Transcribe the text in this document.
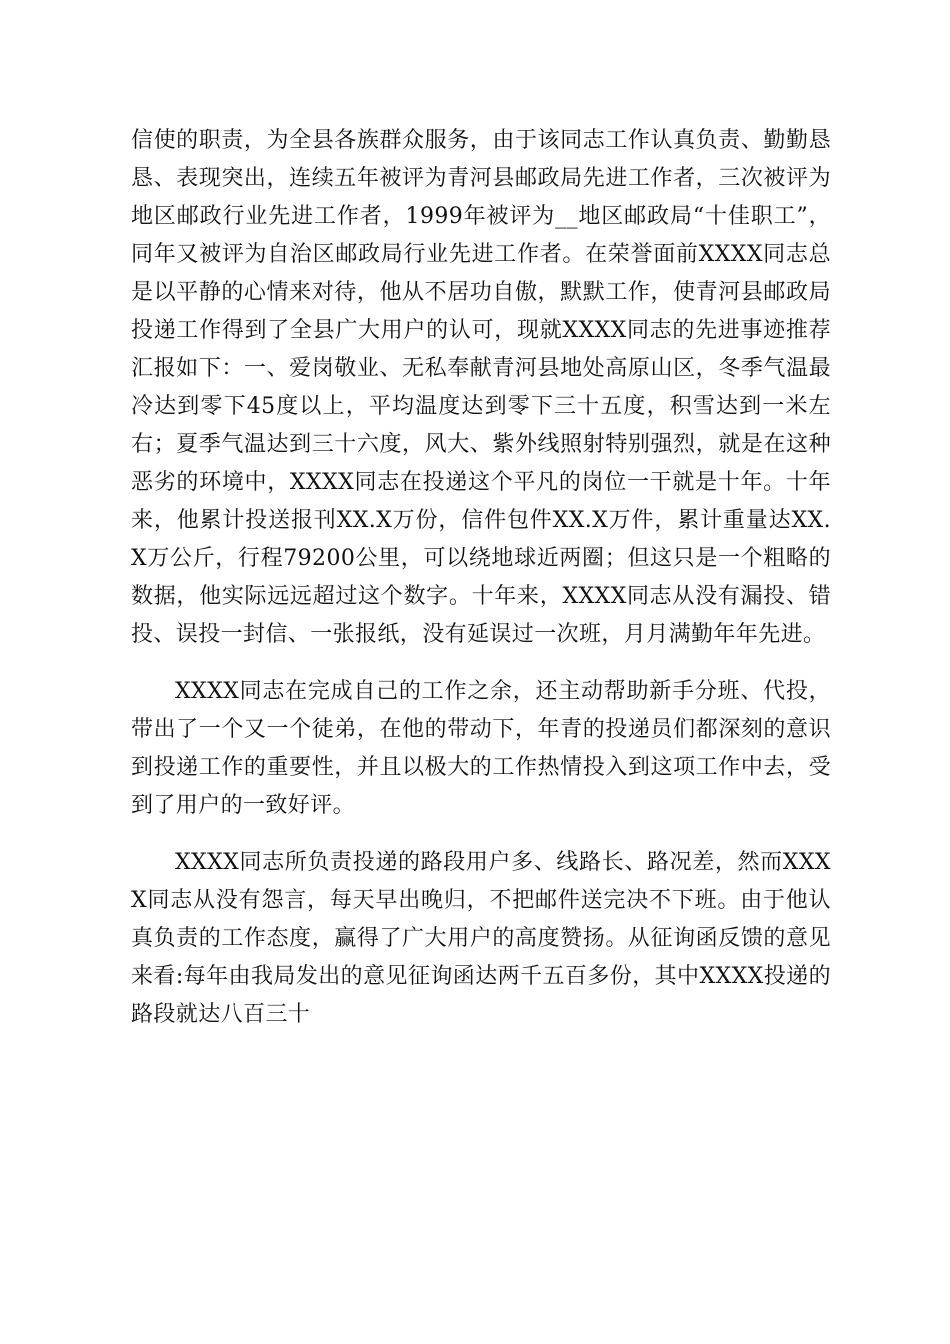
信使的职责，为全县各族群众服务，由于该同志工作认真负责、勤勤恳恳、表现突出，连续五年被评为青河县邮政局先进工作者，三次被评为地区邮政行业先进工作者，1999年被评为__地区邮政局“十佳职工”，同年又被评为自治区邮政局行业先进工作者。在荣誉面前XXXX同志总是以平静的心情来对待，他从不居功自傲，默默工作，使青河县邮政局投递工作得到了全县广大用户的认可，现就XXXX同志的先进事迹推荐汇报如下：一、爱岗敬业、无私奉献青河县地处高原山区，冬季气温最冷达到零下45度以上，平均温度达到零下三十五度，积雪达到一米左右；夏季气温达到三十六度，风大、紫外线照射特别强烈，就是在这种恶劣的环境中，XXXX同志在投递这个平凡的岗位一干就是十年。十年来，他累计投送报刊XX.X万份，信件包件XX.X万件，累计重量达XX.X万公斤，行程79200公里，可以绕地球近两圈；但这只是一个粗略的数据，他实际远远超过这个数字。十年来，XXXX同志从没有漏投、错投、误投一封信、一张报纸，没有延误过一次班，月月满勤年年先进。

XXXX同志在完成自己的工作之余，还主动帮助新手分班、代投，带出了一个又一个徒弟，在他的带动下，年青的投递员们都深刻的意识到投递工作的重要性，并且以极大的工作热情投入到这项工作中去，受到了用户的一致好评。

XXXX同志所负责投递的路段用户多、线路长、路况差，然而XXXX同志从没有怨言，每天早出晚归，不把邮件送完决不下班。由于他认真负责的工作态度，赢得了广大用户的高度赞扬。从征询函反馈的意见来看:每年由我局发出的意见征询函达两千五百多份，其中XXXX投递的路段就达八百三十
